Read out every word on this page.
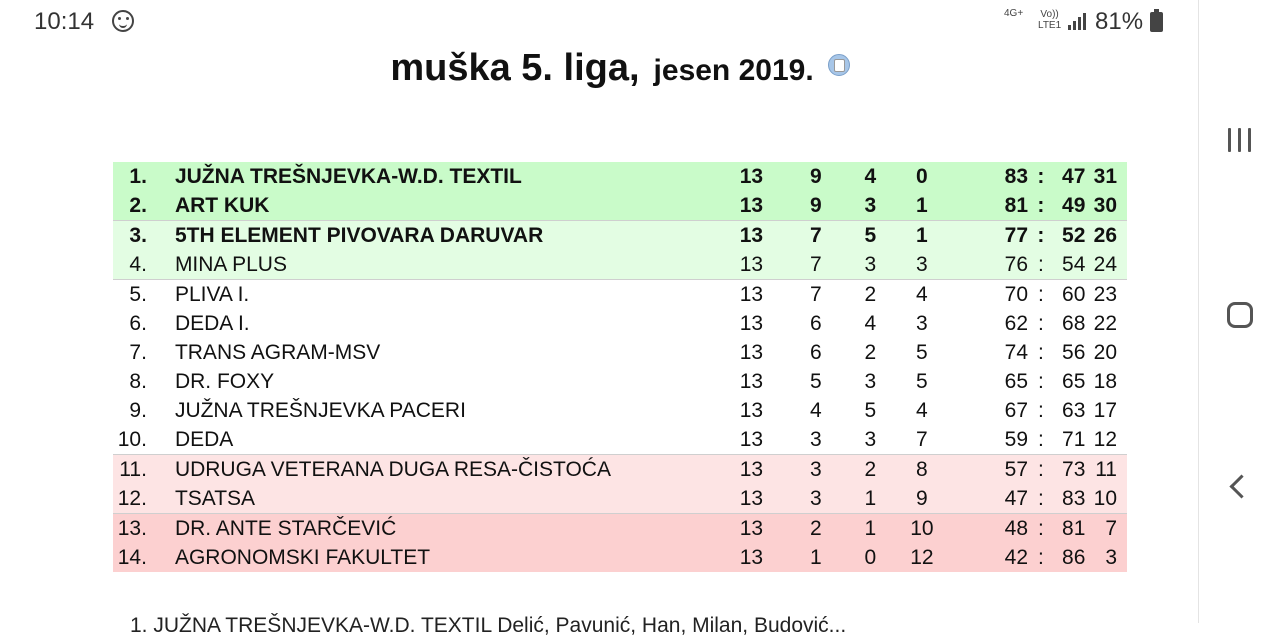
10:14	4G+ Vo))
LTE1 81%
muška 5. liga, jesen 2019.
1.	JUŽNA TREŠNJEVKA-W.D. TEXTIL	13	9	4	0	83	:	47	31
2.	ART KUK	13	9	3	1	81	:	49	30
3.	5TH ELEMENT PIVOVARA DARUVAR	13	7	5	1	77	:	52	26
4.	MINA PLUS	13	7	3	3	76	:	54	24
5.	PLIVA I.	13	7	2	4	70	:	60	23
6.	DEDA I.	13	6	4	3	62	:	68	22
7.	TRANS AGRAM-MSV	13	6	2	5	74	:	56	20
8.	DR. FOXY	13	5	3	5	65	:	65	18
9.	JUŽNA TREŠNJEVKA PACERI	13	4	5	4	67	:	63	17
10.	DEDA	13	3	3	7	59	:	71	12
11.	UDRUGA VETERANA DUGA RESA-ČISTOĆA	13	3	2	8	57	:	73	11
12.	TSATSA	13	3	1	9	47	:	83	10
13.	DR. ANTE STARČEVIĆ	13	2	1	10	48	:	81	7
14.	AGRONOMSKI FAKULTET	13	1	0	12	42	:	86	3
1. JUŽNA TREŠNJEVKA-W.D. TEXTIL Delić, Pavunić, Han, Milan, Budović...
